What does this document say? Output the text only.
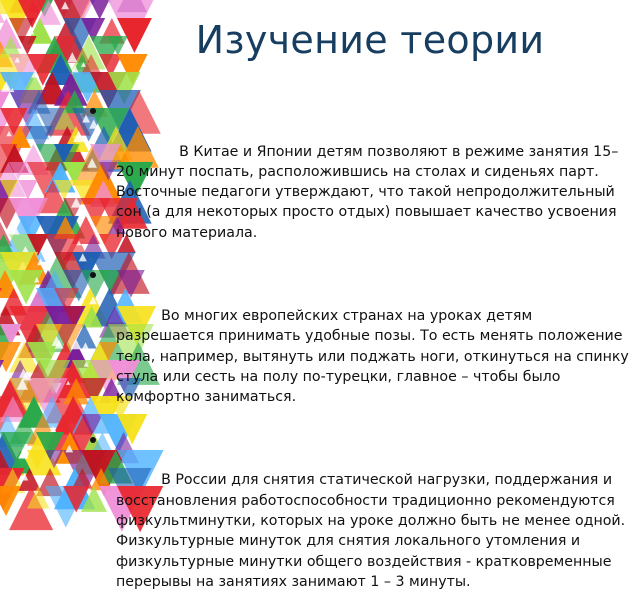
Изучение теории

В Китае и Японии детям позволяют в режиме занятия 15–20 минут поспать, расположившись на столах и сиденьях парт. Восточные педагоги утверждают, что такой непродолжительный сон (а для некоторых просто отдых) повышает качество усвоения нового материала.

Во многих европейских странах на уроках детям разрешается принимать удобные позы. То есть менять положение тела, например, вытянуть или поджать ноги, откинуться на спинку стула или сесть на полу по-турецки, главное – чтобы было комфортно заниматься.

В России для снятия статической нагрузки, поддержания и восстановления работоспособности традиционно рекомендуются физкультминутки, которых на уроке должно быть не менее одной. Физкультурные минуток для снятия локального утомления и физкультурные минутки общего воздействия - кратковременные перерывы на занятиях занимают 1 – 3 минуты.
